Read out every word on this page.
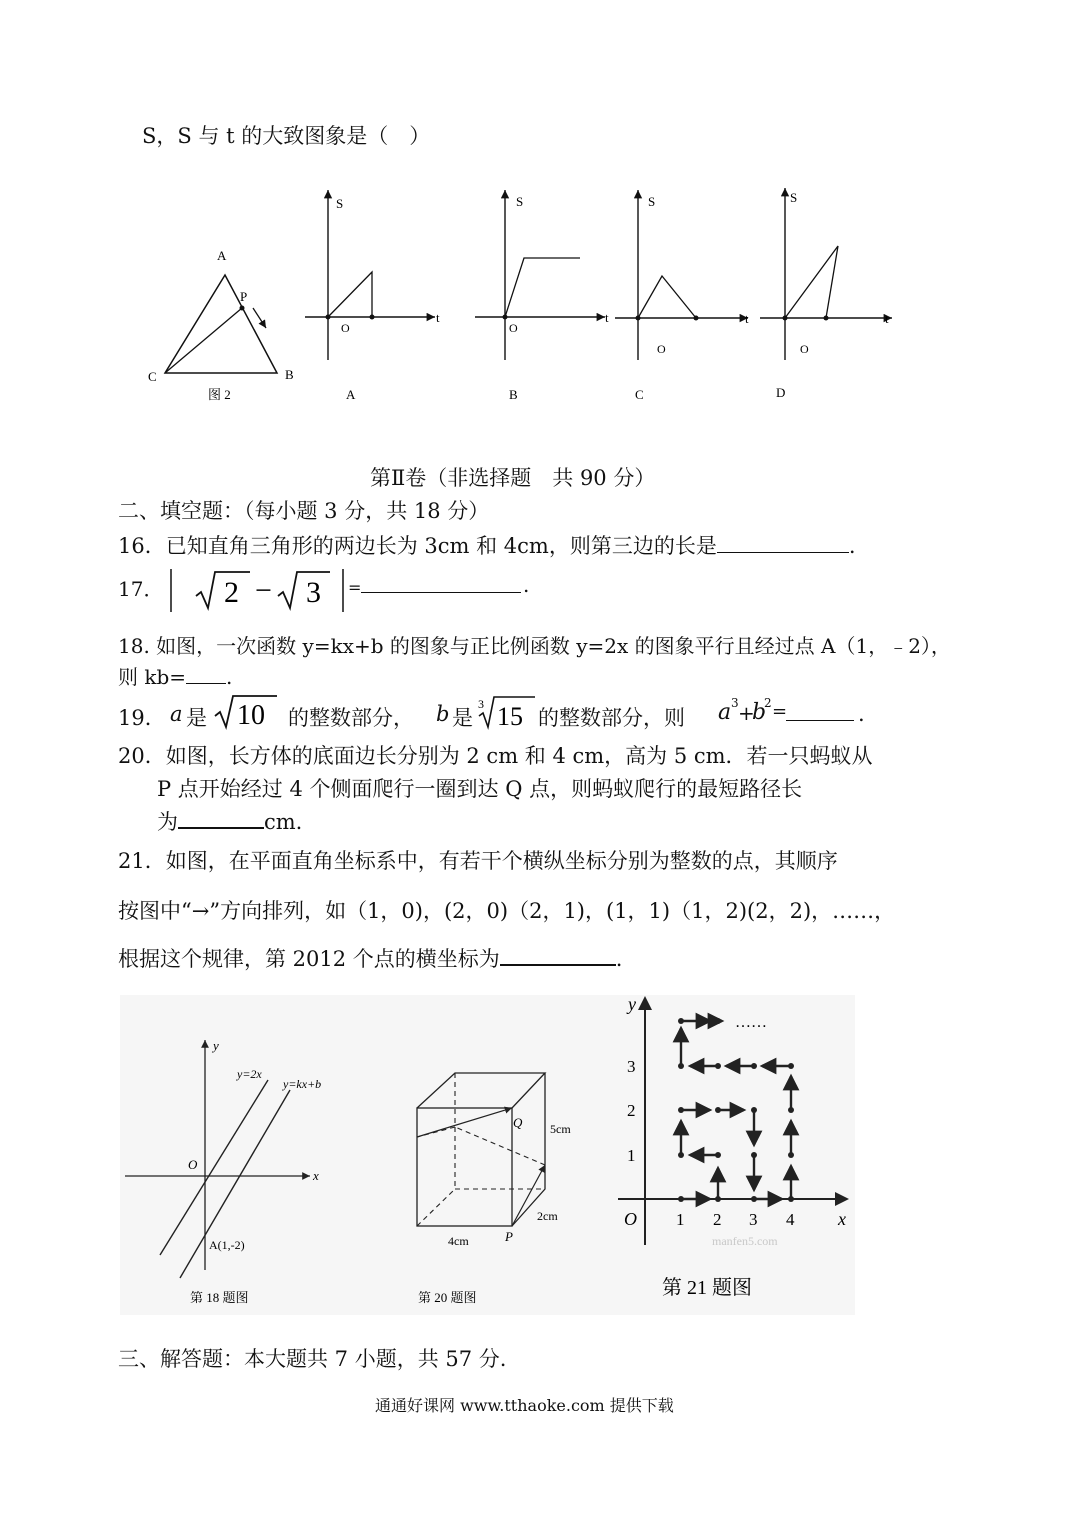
S，S 与 t 的大致图象是（　）
A
P
C	B
图 2
S
t
O
A
S
t
O
B
S
t
O
C
S
t
O
D
第Ⅱ卷（非选择题　共 90 分）
二、填空题：（每小题 3 分，共 18 分）
16．已知直角三角形的两边长为 3cm 和 4cm，则第三边的长是	.
17． 2 − 3 =	.
18. 如图，一次函数 y=kx+b 的图象与正比例函数 y=2x 的图象平行且经过点 A（1，﹣2），
则 kb= .
19． a 是 10 的整数部分， b 是
3 15 的整数部分，则 a 3 +
b
2 =	.
20．如图，长方体的底面边长分别为 2 cm 和 4 cm，高为 5 cm．若一只蚂蚁从
P 点开始经过 4 个侧面爬行一圈到达 Q 点，则蚂蚁爬行的最短路径长
为	cm.
21．如图，在平面直角坐标系中，有若干个横纵坐标分别为整数的点，其顺序
按图中“→”方向排列，如（1，0)，(2，0)（2，1)，(1，1)（1，2)(2，2)，……，
根据这个规律，第 2012 个点的横坐标为	.
y
x
O
y=2x
y=kx+b
A(1,-2)
第 18 题图
Q
P
5cm
2cm
4cm
第 20 题图
……
y
x
O 1 2 3 4
1
2
3
manfen5.com
第 21 题图
三、解答题：本大题共 7 小题，共 57 分.
通通好课网 www.tthaoke.com 提供下载
